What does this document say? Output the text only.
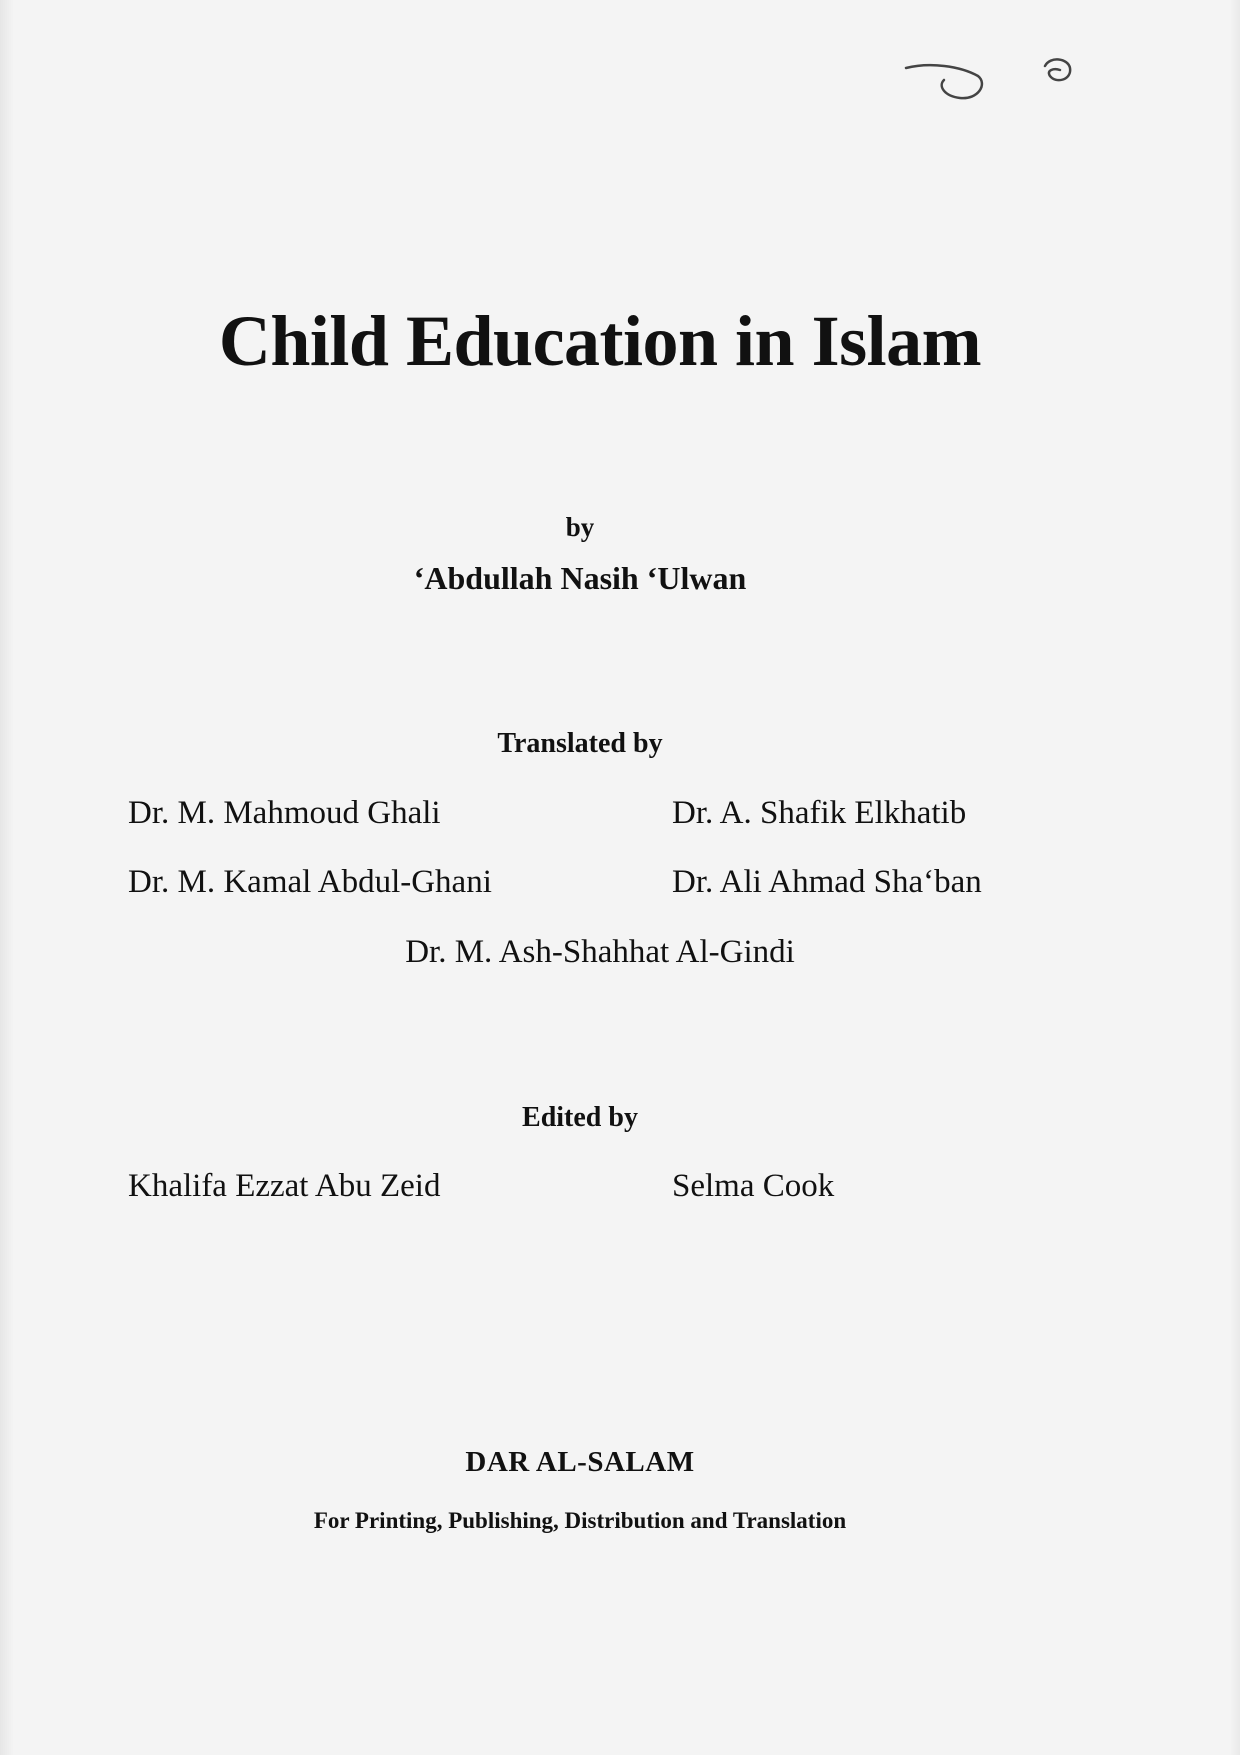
Child Education in Islam
by
‘Abdullah Nasih ‘Ulwan
Translated by
Dr. M. Mahmoud Ghali	Dr. A. Shafik Elkhatib
Dr. M. Kamal Abdul-Ghani	Dr. Ali Ahmad Sha‘ban
Dr. M. Ash-Shahhat Al-Gindi
Edited by
Khalifa Ezzat Abu Zeid	Selma Cook
DAR AL-SALAM
For Printing, Publishing, Distribution and Translation
